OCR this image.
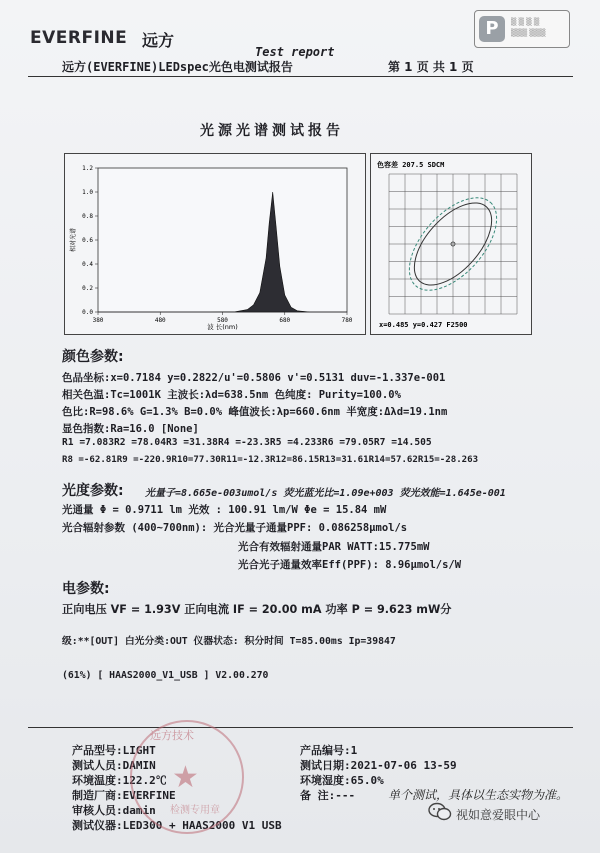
EVERFINE 远方
P	▒ ▒ ▒ ▒
▒▒▒ ▒▒▒
Test report
远方(EVERFINE)LEDspec光色电测试报告	第 1 页 共 1 页
光源光谱测试报告
0.0
0.2
0.4
0.6
0.8
1.0
1.2
380	480	580	680	780
波 长(nm)
相对光谱
色容差 207.5 SDCM
x=0.485 y=0.427 F2500
颜色参数:
色品坐标:x=0.7184 y=0.2822/u'=0.5806 v'=0.5131 duv=-1.337e-001
相关色温:Tc=1001K 主波长:λd=638.5nm 色纯度: Purity=100.0%
色比:R=98.6% G=1.3% B=0.0% 峰值波长:λp=660.6nm 半宽度:Δλd=19.1nm
显色指数:Ra=16.0 [None]
R1 =7.083R2 =78.04R3 =31.38R4 =-23.3R5 =4.233R6 =79.05R7 =14.505
R8 =-62.81R9 =-220.9R10=77.30R11=-12.3R12=86.15R13=31.61R14=57.62R15=-28.263
光度参数: 光量子=8.665e-003umol/s 荧光蓝光比=1.09e+003 荧光效能=1.645e-001
光通量 Φ = 0.9711 lm 光效 : 100.91 lm/W Φe = 15.84 mW
光合辐射参数 (400~700nm): 光合光量子通量PPF: 0.086258μmol/s
光合有效辐射通量PAR WATT:15.775mW
光合光子通量效率Eff(PPF): 8.96μmol/s/W
电参数:
正向电压 VF = 1.93V 正向电流 IF = 20.00 mA 功率 P = 9.623 mW分
级:**[OUT] 白光分类:OUT 仪器状态: 积分时间 T=85.00ms Ip=39847
(61%) [ HAAS2000_V1_USB ] V2.00.270
产品型号:LIGHT
测试人员:DAMIN
环境温度:122.2℃
制造厂商:EVERFINE
审核人员:damin
测试仪器:LED300 + HAAS2000 V1 USB
产品编号:1
测试日期:2021-07-06 13-59
环境湿度:65.0%
备 注:---	单个测试，具体以生态实物为准。
★
远方技术
检测专用章	视如意爱眼中心
